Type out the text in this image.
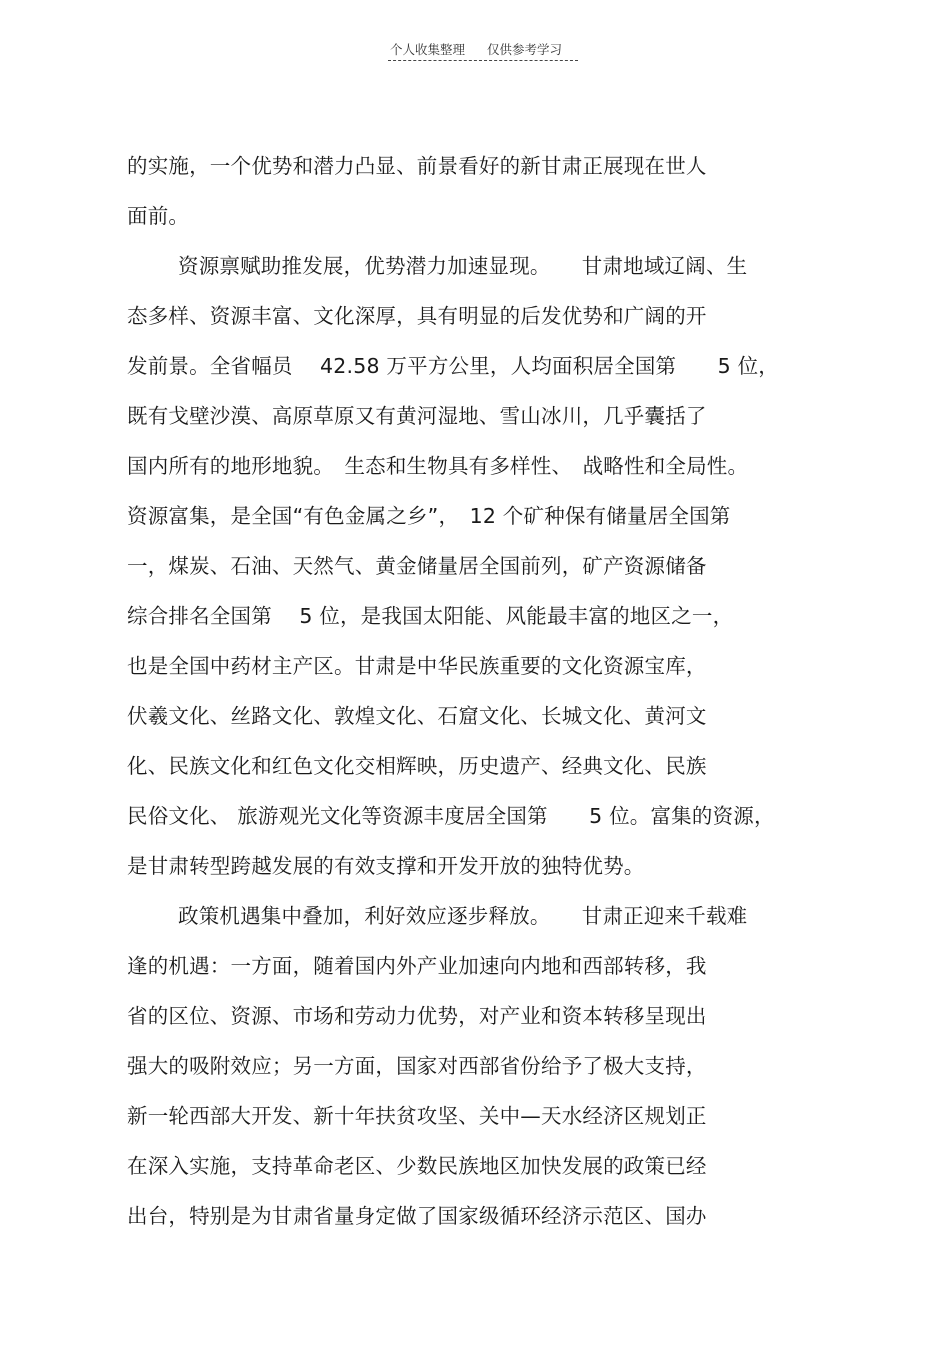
个人收集整理 仅供参考学习
的实施，一个优势和潜力凸显、前景看好的新甘肃正展现在世人
面前。
资源禀赋助推发展，优势潜力加速显现。　　甘肃地域辽阔、生
态多样、资源丰富、文化深厚，具有明显的后发优势和广阔的开
发前景。全省幅员　 42.58 万平方公里，人均面积居全国第　　5 位，
既有戈壁沙漠、高原草原又有黄河湿地、雪山冰川，几乎囊括了
国内所有的地形地貌。　生态和生物具有多样性、　战略性和全局性。
资源富集，是全国“有色金属之乡”，　12 个矿种保有储量居全国第
一，煤炭、石油、天然气、黄金储量居全国前列，矿产资源储备
综合排名全国第　 5 位，是我国太阳能、风能最丰富的地区之一，
也是全国中药材主产区。甘肃是中华民族重要的文化资源宝库，
伏羲文化、丝路文化、敦煌文化、石窟文化、长城文化、黄河文
化、民族文化和红色文化交相辉映，历史遗产、经典文化、民族
民俗文化、 旅游观光文化等资源丰度居全国第　　5 位。富集的资源，
是甘肃转型跨越发展的有效支撑和开发开放的独特优势。
政策机遇集中叠加，利好效应逐步释放。　　甘肃正迎来千载难
逢的机遇：一方面，随着国内外产业加速向内地和西部转移，我
省的区位、资源、市场和劳动力优势，对产业和资本转移呈现出
强大的吸附效应；另一方面，国家对西部省份给予了极大支持，
新一轮西部大开发、新十年扶贫攻坚、关中—天水经济区规划正
在深入实施，支持革命老区、少数民族地区加快发展的政策已经
出台，特别是为甘肃省量身定做了国家级循环经济示范区、国办
